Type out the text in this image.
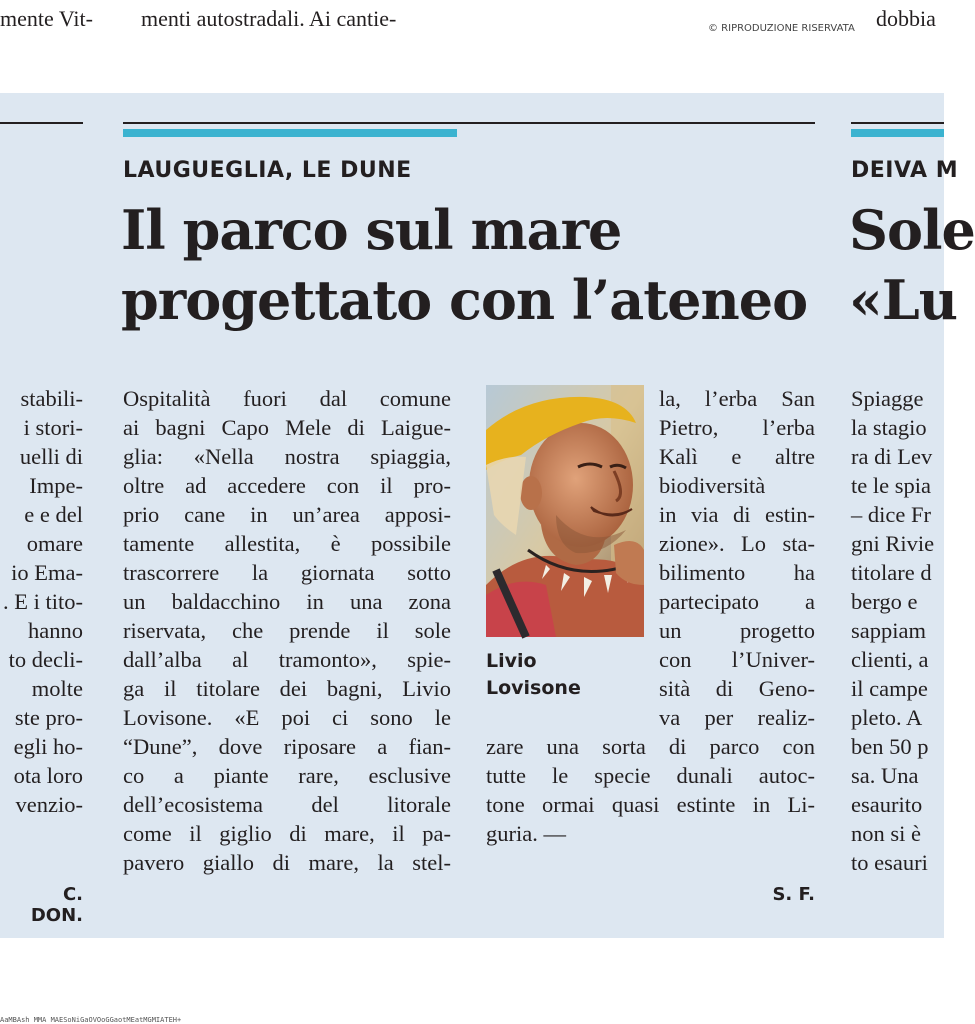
mente Vit-	menti autostradali. Ai cantie-	© RIPRODUZIONE RISERVATA dobbia
stabili-
i stori-
uelli di
Impe-
e e del
omare
io Ema-
. E i tito-
hanno
to decli-
molte
ste pro-
egli ho-
ota loro
venzio-
C. DON.
LAUGUEGLIA, LE DUNE
Il parco sul mare
progettato con l’ateneo
Ospitalità fuori dal comune
ai bagni Capo Mele di Laigue-
glia: «Nella nostra spiaggia,
oltre ad accedere con il pro-
prio cane in un’area apposi-
tamente allestita, è possibile
trascorrere la giornata sotto
un baldacchino in una zona
riservata, che prende il sole
dall’alba al tramonto», spie-
ga il titolare dei bagni, Livio
Lovisone. «E poi ci sono le
“Dune”, dove riposare a fian-
co a piante rare, esclusive
dell’ecosistema del litorale
come il giglio di mare, il pa-
pavero giallo di mare, la stel-
Livio
Lovisone
la, l’erba San
Pietro, l’erba
Kalì e altre
biodiversità
in via di estin-
zione». Lo sta-
bilimento ha
partecipato a
un progetto
con l’Univer-
sità di Geno-
va per realiz-
zare una sorta di parco con
tutte le specie dunali autoc-
tone ormai quasi estinte in Li-
guria. —
S. F.
DEIVA M
Sole
«Lu
Spiagge
la stagio
ra di Lev
te le spia
– dice Fr
gni Rivie
titolare d
bergo e
sappiam
clienti, a
il campe
pleto. A
ben 50 p
sa. Una
esaurito
non si è
to esauri
AaMBAsh MMA MAESoNiGaOVOoGGaotMEatMGMIATEH+
